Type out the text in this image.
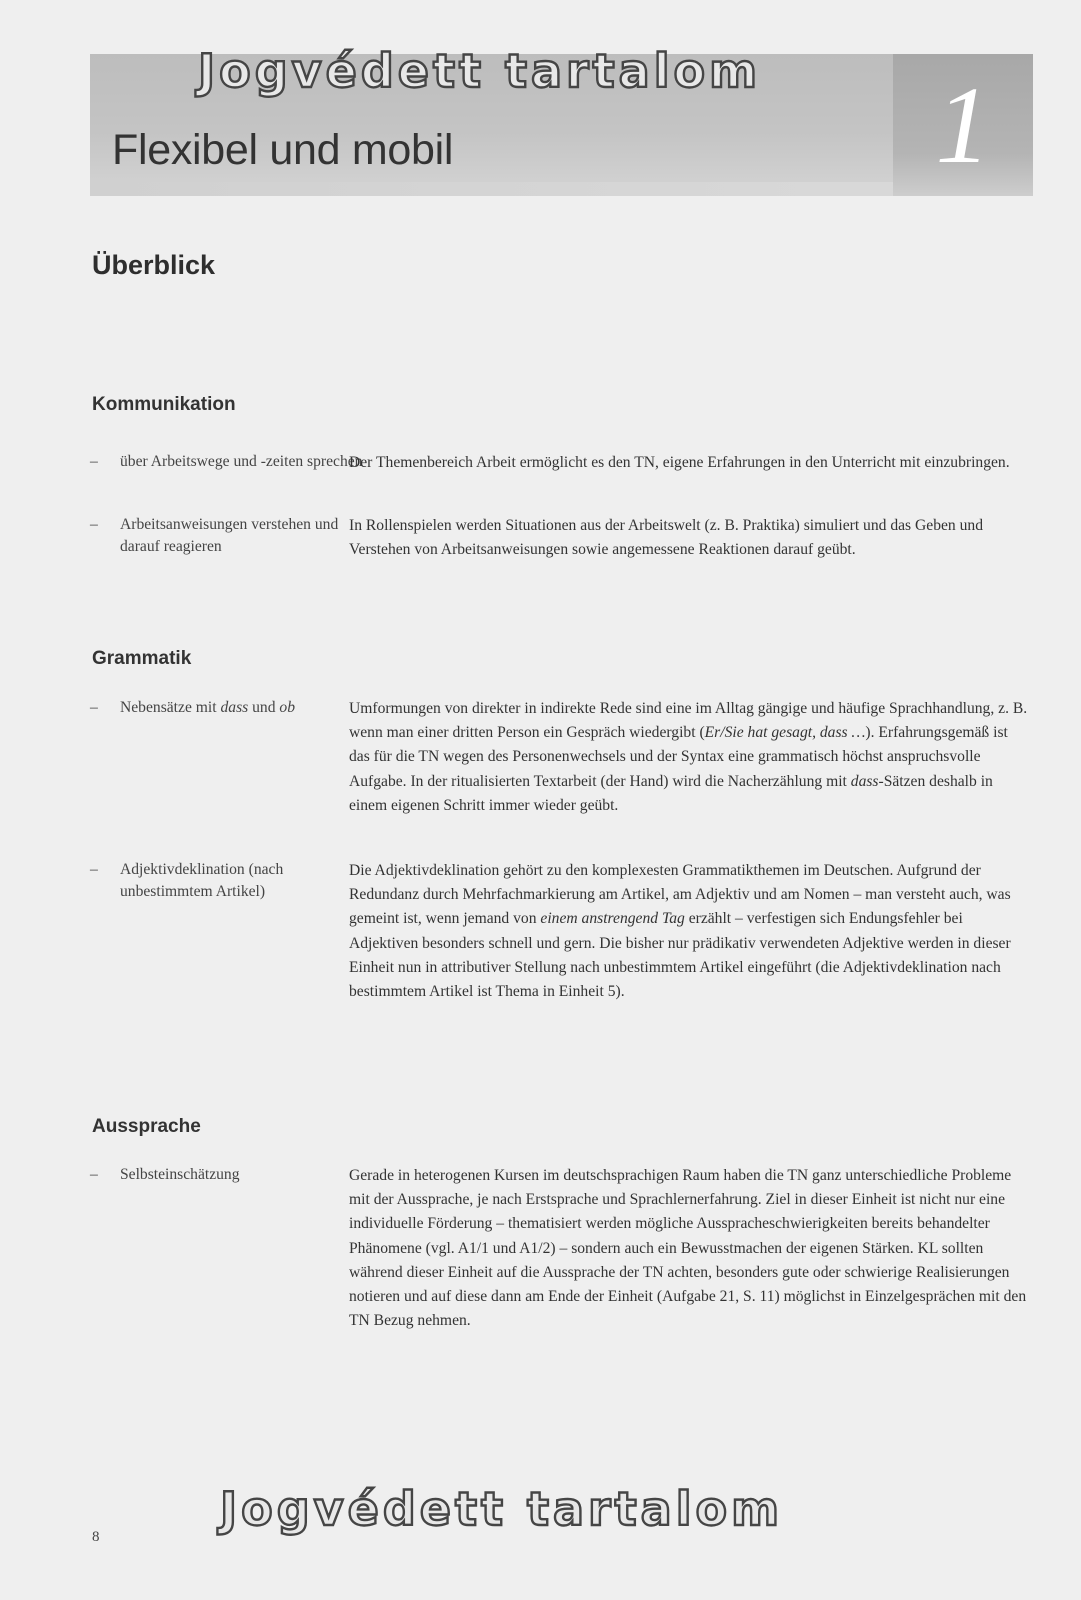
1
Flexibel und mobil
Jogvédett tartalom
Überblick
Kommunikation
–	über Arbeitswege und -zeiten sprechen
Der Themenbereich Arbeit ermöglicht es den TN, eigene Erfahrungen in den Unterricht mit einzubringen.
–	Arbeitsanweisungen verstehen und darauf reagieren
In Rollenspielen werden Situationen aus der Arbeitswelt (z. B. Praktika) simuliert und das Geben und Verstehen von Arbeitsanweisungen sowie angemessene Reaktionen darauf geübt.
Grammatik
–	Nebensätze mit dass und ob	Umformungen von direkter in indirekte Rede sind eine im Alltag gängige und häufige Sprachhandlung, z. B. wenn man einer dritten Person ein Gespräch wiedergibt (Er/Sie hat gesagt, dass …). Erfahrungsgemäß ist das für die TN wegen des Personenwechsels und der Syntax eine grammatisch höchst anspruchsvolle Aufgabe. In der ritualisierten Textarbeit (der Hand) wird die Nacherzählung mit dass-Sätzen deshalb in einem eigenen Schritt immer wieder geübt.
–	Adjektivdeklination (nach unbestimmtem Artikel)
Die Adjektivdeklination gehört zu den komplexesten Grammatikthemen im Deutschen. Aufgrund der Redundanz durch Mehrfachmarkierung am Artikel, am Adjektiv und am Nomen – man versteht auch, was gemeint ist, wenn jemand von einem anstrengend Tag erzählt – verfestigen sich Endungsfehler bei Adjektiven besonders schnell und gern. Die bisher nur prädikativ verwendeten Adjektive werden in dieser Einheit nun in attributiver Stellung nach unbestimmtem Artikel eingeführt (die Adjektivdeklination nach bestimmtem Artikel ist Thema in Einheit 5).
Aussprache
–	Selbsteinschätzung	Gerade in heterogenen Kursen im deutschsprachigen Raum haben die TN ganz unterschiedliche Probleme mit der Aussprache, je nach Erstsprache und Sprachlernerfahrung. Ziel in dieser Einheit ist nicht nur eine individuelle Förderung – thematisiert werden mögliche Ausspracheschwierigkeiten bereits behandelter Phänomene (vgl. A1/1 und A1/2) – sondern auch ein Bewusstmachen der eigenen Stärken. KL sollten während dieser Einheit auf die Aussprache der TN achten, besonders gute oder schwierige Realisierungen notieren und auf diese dann am Ende der Einheit (Aufgabe 21, S. 11) möglichst in Einzelgesprächen mit den TN Bezug nehmen.
Jogvédett tartalom
8
